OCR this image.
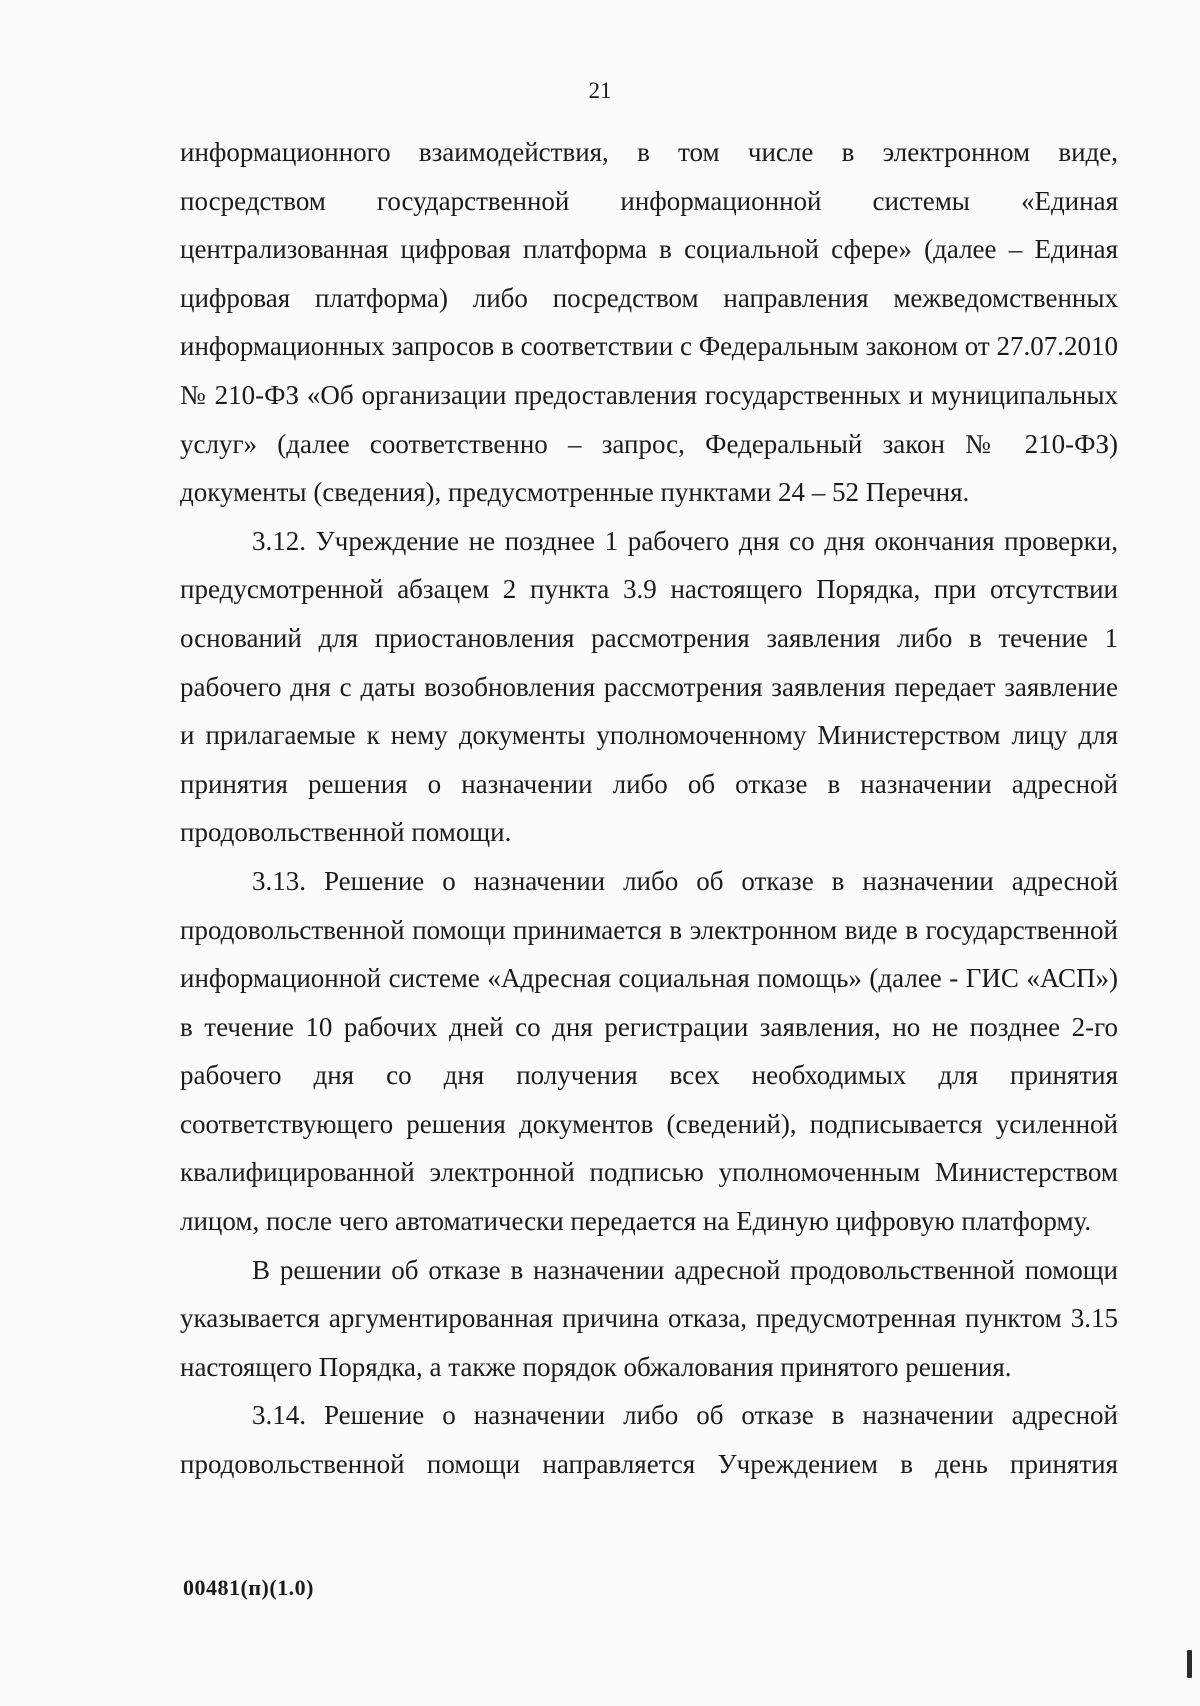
21

информационного взаимодействия, в том числе в электронном виде, посредством государственной информационной системы «Единая централизованная цифровая платформа в социальной сфере» (далее – Единая цифровая платформа) либо посредством направления межведомственных информационных запросов в соответствии с Федеральным законом от 27.07.2010 № 210-ФЗ «Об организации предоставления государственных и муниципальных услуг» (далее соответственно – запрос, Федеральный закон № 210-ФЗ) документы (сведения), предусмотренные пунктами 24 – 52 Перечня.

3.12. Учреждение не позднее 1 рабочего дня со дня окончания проверки, предусмотренной абзацем 2 пункта 3.9 настоящего Порядка, при отсутствии оснований для приостановления рассмотрения заявления либо в течение 1 рабочего дня с даты возобновления рассмотрения заявления передает заявление и прилагаемые к нему документы уполномоченному Министерством лицу для принятия решения о назначении либо об отказе в назначении адресной продовольственной помощи.

3.13. Решение о назначении либо об отказе в назначении адресной продовольственной помощи принимается в электронном виде в государственной информационной системе «Адресная социальная помощь» (далее - ГИС «АСП») в течение 10 рабочих дней со дня регистрации заявления, но не позднее 2-го рабочего дня со дня получения всех необходимых для принятия соответствующего решения документов (сведений), подписывается усиленной квалифицированной электронной подписью уполномоченным Министерством лицом, после чего автоматически передается на Единую цифровую платформу.

В решении об отказе в назначении адресной продовольственной помощи указывается аргументированная причина отказа, предусмотренная пунктом 3.15 настоящего Порядка, а также порядок обжалования принятого решения.

3.14. Решение о назначении либо об отказе в назначении адресной продовольственной помощи направляется Учреждением в день принятия

00481(п)(1.0)
